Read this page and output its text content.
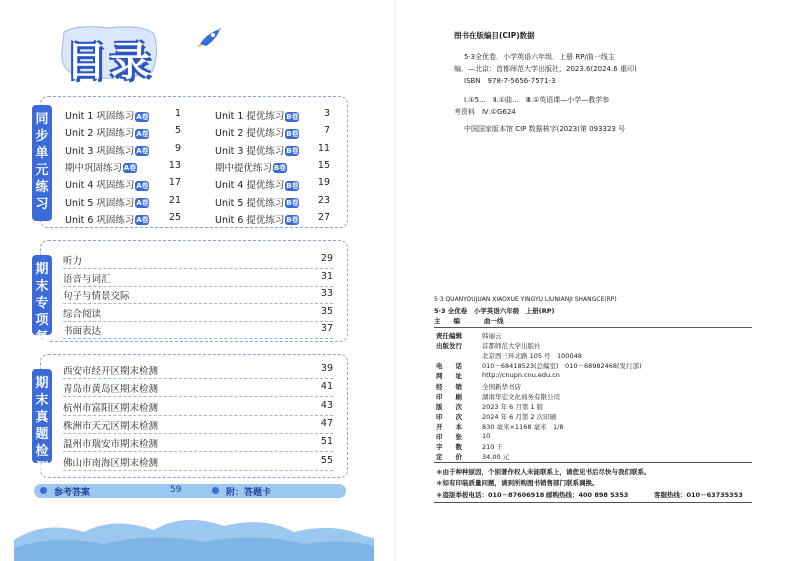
目录
同步单元练习
期末专项复习
听力	29
语音与词汇	31
句子与情景交际	33
综合阅读	35
书面表达	37
期末真题检测
西安市经开区期末检测	39
青岛市黄岛区期末检测	41
杭州市富阳区期末检测	43
株洲市天元区期末检测	47
温州市瑞安市期末检测	51
佛山市南海区期末检测	55
参考答案	59	附：答题卡
Unit 1 巩固练习 A卷	1
Unit 2 巩固练习 A卷	5
Unit 3 巩固练习 A卷	9
期中巩固练习 A卷	13
Unit 4 巩固练习 A卷	17
Unit 5 巩固练习 A卷	21
Unit 6 巩固练习 A卷	25
Unit 1 提优练习 B卷	3
Unit 2 提优练习 B卷	7
Unit 3 提优练习 B卷	11
期中提优练习 B卷	15
Unit 4 提优练习 B卷	19
Unit 5 提优练习 B卷	23
Unit 6 提优练习 B卷	27
图书在版编目(CIP)数据
5·3全优卷．小学英语六年级．上册 RP/曲一线主
编．—北京：首都师范大学出版社，2023.6(2024.6 重印)
ISBN　978-7-5656-7571-3
Ⅰ.①5…　Ⅱ.①曲…　Ⅲ.①英语课—小学—教学参
考资料　Ⅳ.①G624
中国国家版本馆 CIP 数据核字(2023)第 093323 号
5·3 QUANYOUJUAN XIAOXUE YINGYU LIUNIANJI SHANGCE(RP)
5·3 全优卷　小学英语六年级　上册(RP)
主　　编	曲一线
＊由于种种原因，个别著作权人未能联系上，请您见书后尽快与我们联系。
＊如有印装质量问题，请到所购图书销售部门联系调换。
＊盗版举报电话：010－87606918 邮购热线：400 898 5353	客服热线：010－63735353
责任编辑	韩丽云
出版发行	首都师范大学出版社
北京西三环北路 105 号　100048
电　　话	010－68418523(总编室)　010－68982468(发行部)
网　　址	http://cnupn.cnu.edu.cn
经　　销	全国新华书店
印　　刷	湖南华宏文化商务有限公司
版　　次	2023 年 6 月第 1 版
印　　次	2024 年 6 月第 2 次印刷
开　　本	830 毫米×1168 毫米　1/8
印　　张	10
字　　数	210 千
定　　价	34.00 元
